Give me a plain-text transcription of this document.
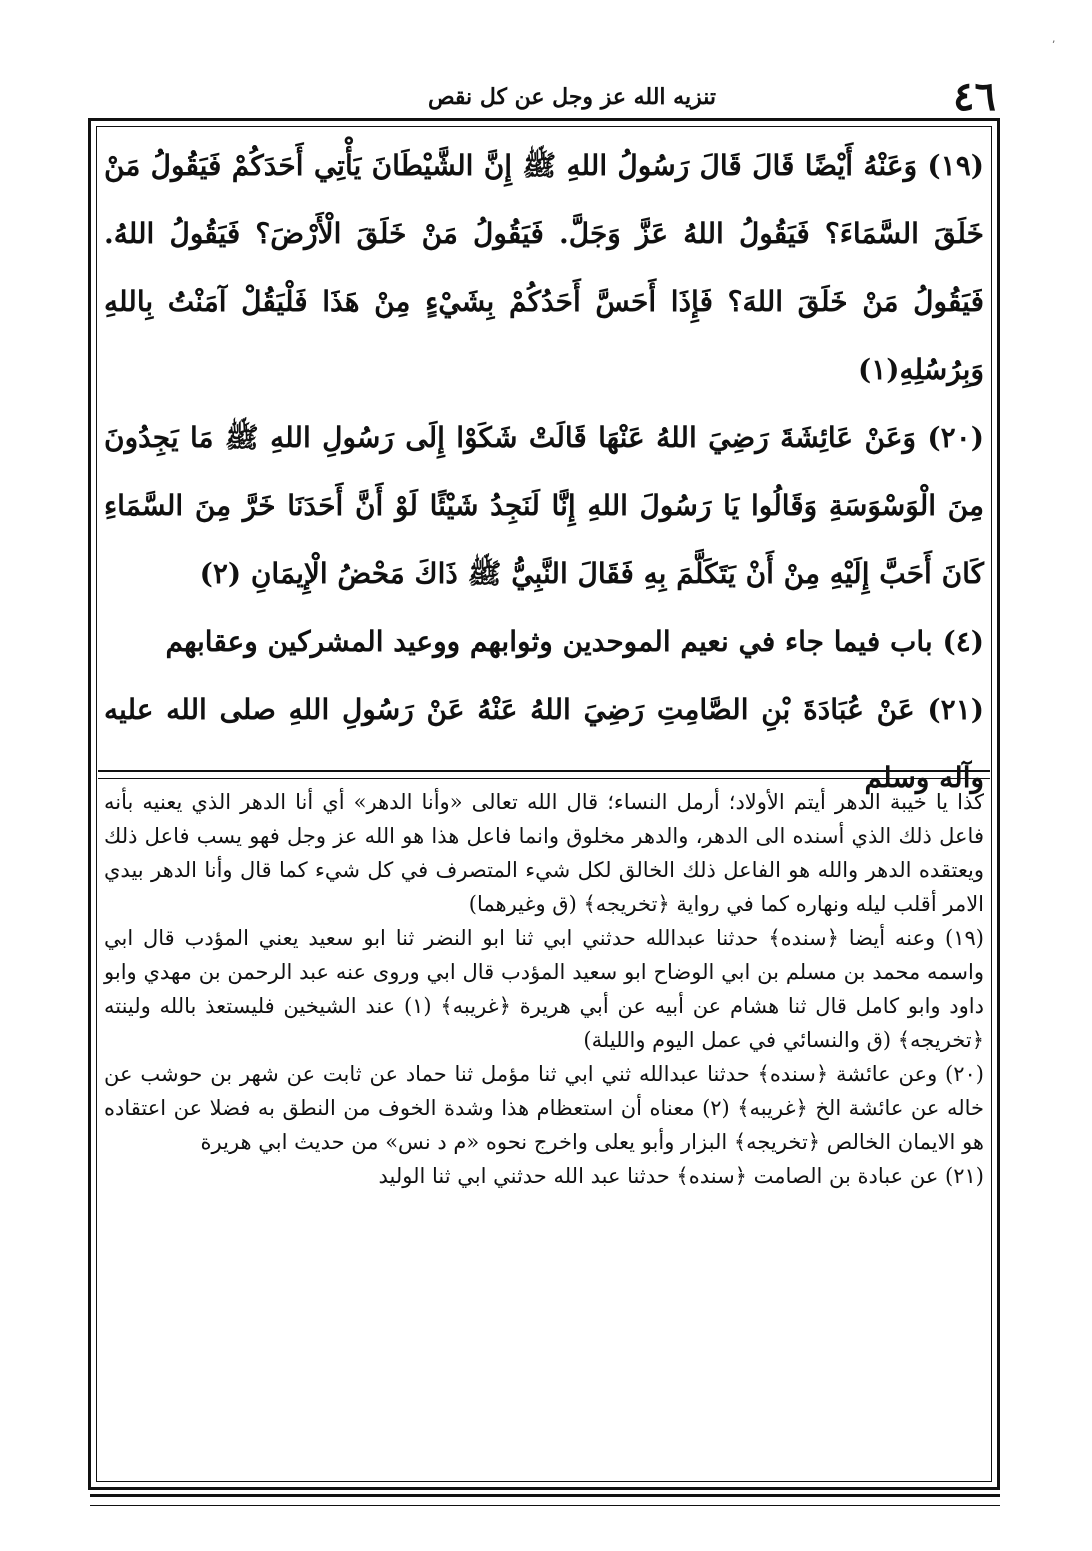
’
٤٦
تنزيه الله عز وجل عن كل نقص

(١٩) وَعَنْهُ أَيْضًا قَالَ قَالَ رَسُولُ اللهِ ﷺ إِنَّ الشَّيْطَانَ يَأْتِي أَحَدَكُمْ فَيَقُولُ مَنْ خَلَقَ السَّمَاءَ؟ فَيَقُولُ اللهُ عَزَّ وَجَلَّ. فَيَقُولُ مَنْ خَلَقَ الْأَرْضَ؟ فَيَقُولُ اللهُ. فَيَقُولُ مَنْ خَلَقَ اللهَ؟ فَإِذَا أَحَسَّ أَحَدُكُمْ بِشَيْءٍ مِنْ هَذَا فَلْيَقُلْ آمَنْتُ بِاللهِ وَبِرُسُلِهِ(١)

(٢٠) وَعَنْ عَائِشَةَ رَضِيَ اللهُ عَنْهَا قَالَتْ شَكَوْا إِلَى رَسُولِ اللهِ ﷺ مَا يَجِدُونَ مِنَ الْوَسْوَسَةِ وَقَالُوا يَا رَسُولَ اللهِ إِنَّا لَنَجِدُ شَيْئًا لَوْ أَنَّ أَحَدَنَا خَرَّ مِنَ السَّمَاءِ كَانَ أَحَبَّ إِلَيْهِ مِنْ أَنْ يَتَكَلَّمَ بِهِ فَقَالَ النَّبِيُّ ﷺ ذَاكَ مَحْضُ الْإِيمَانِ (٢)

(٤) باب فيما جاء في نعيم الموحدين وثوابهم ووعيد المشركين وعقابهم

(٢١) عَنْ عُبَادَةَ بْنِ الصَّامِتِ رَضِيَ اللهُ عَنْهُ عَنْ رَسُولِ اللهِ صلى الله عليه وآله وسلم

كذا يا خيبة الدهر أيتم الأولاد؛ أرمل النساء؛ قال الله تعالى «وأنا الدهر» أي أنا الدهر الذي يعنيه بأنه فاعل ذلك الذي أسنده الى الدهر، والدهر مخلوق وانما فاعل هذا هو الله عز وجل فهو يسب فاعل ذلك ويعتقده الدهر والله هو الفاعل ذلك الخالق لكل شيء المتصرف في كل شيء كما قال وأنا الدهر بيدي الامر أقلب ليله ونهاره كما في رواية ﴿تخريجه﴾ (ق وغيرهما)

(١٩) وعنه أيضا ﴿سنده﴾ حدثنا عبدالله حدثني ابي ثنا ابو النضر ثنا ابو سعيد يعني المؤدب قال ابي واسمه محمد بن مسلم بن ابي الوضاح ابو سعيد المؤدب قال ابي وروى عنه عبد الرحمن بن مهدي وابو داود وابو كامل قال ثنا هشام عن أبيه عن أبي هريرة ﴿غريبه﴾ (١) عند الشيخين فليستعذ بالله ولينته ﴿تخريجه﴾ (ق والنسائي في عمل اليوم والليلة)

(٢٠) وعن عائشة ﴿سنده﴾ حدثنا عبدالله ثني ابي ثنا مؤمل ثنا حماد عن ثابت عن شهر بن حوشب عن خاله عن عائشة الخ ﴿غريبه﴾ (٢) معناه أن استعظام هذا وشدة الخوف من النطق به فضلا عن اعتقاده هو الايمان الخالص ﴿تخريجه﴾ البزار وأبو يعلى واخرج نحوه «م د نس» من حديث ابي هريرة

(٢١) عن عبادة بن الصامت ﴿سنده﴾ حدثنا عبد الله حدثني ابي ثنا الوليد
